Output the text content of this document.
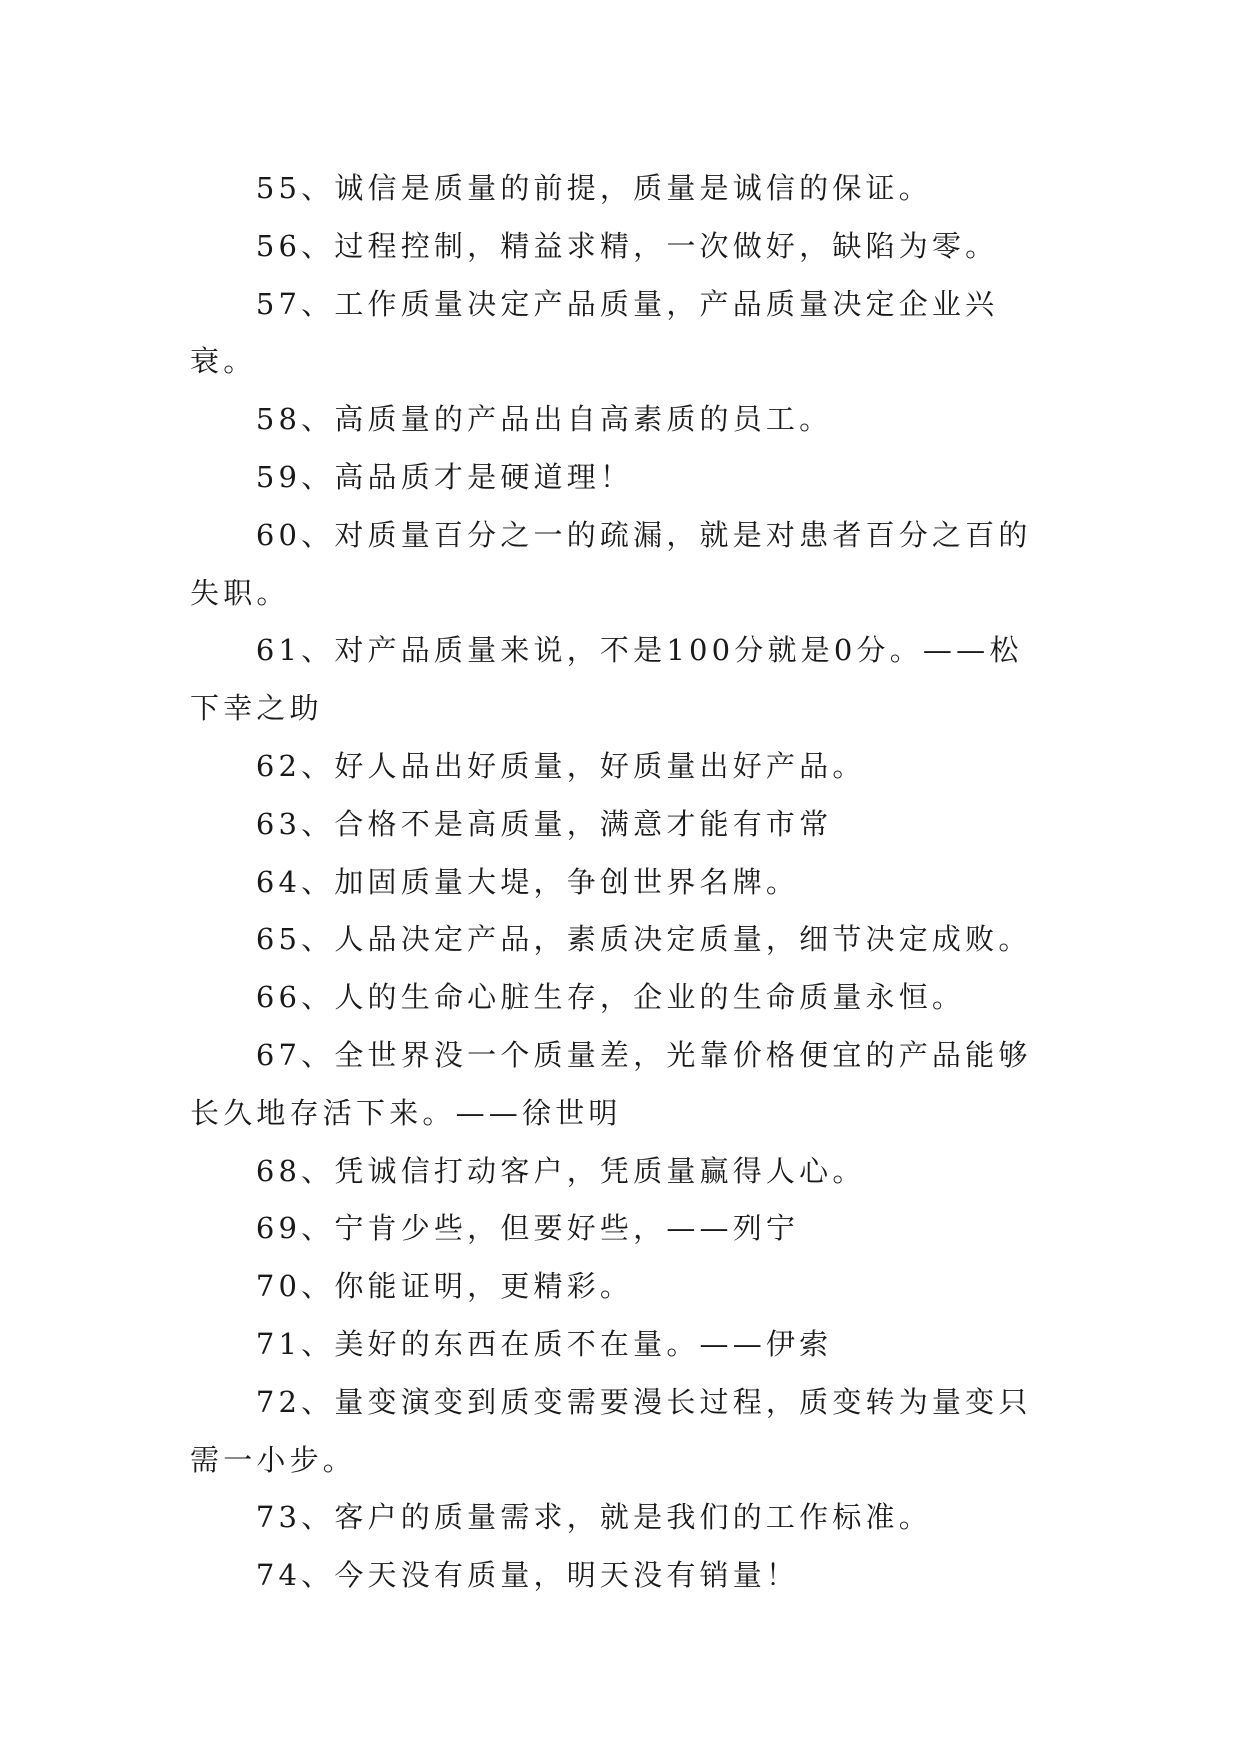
55、诚信是质量的前提，质量是诚信的保证。

56、过程控制，精益求精，一次做好，缺陷为零。

57、工作质量决定产品质量，产品质量决定企业兴衰。

58、高质量的产品出自高素质的员工。

59、高品质才是硬道理！

60、对质量百分之一的疏漏，就是对患者百分之百的失职。

61、对产品质量来说，不是100分就是0分。——松下幸之助

62、好人品出好质量，好质量出好产品。

63、合格不是高质量，满意才能有市常

64、加固质量大堤，争创世界名牌。

65、人品决定产品，素质决定质量，细节决定成败。

66、人的生命心脏生存，企业的生命质量永恒。

67、全世界没一个质量差，光靠价格便宜的产品能够长久地存活下来。——徐世明

68、凭诚信打动客户，凭质量赢得人心。

69、宁肯少些，但要好些，——列宁

70、你能证明，更精彩。

71、美好的东西在质不在量。——伊索

72、量变演变到质变需要漫长过程，质变转为量变只需一小步。

73、客户的质量需求，就是我们的工作标准。

74、今天没有质量，明天没有销量！
